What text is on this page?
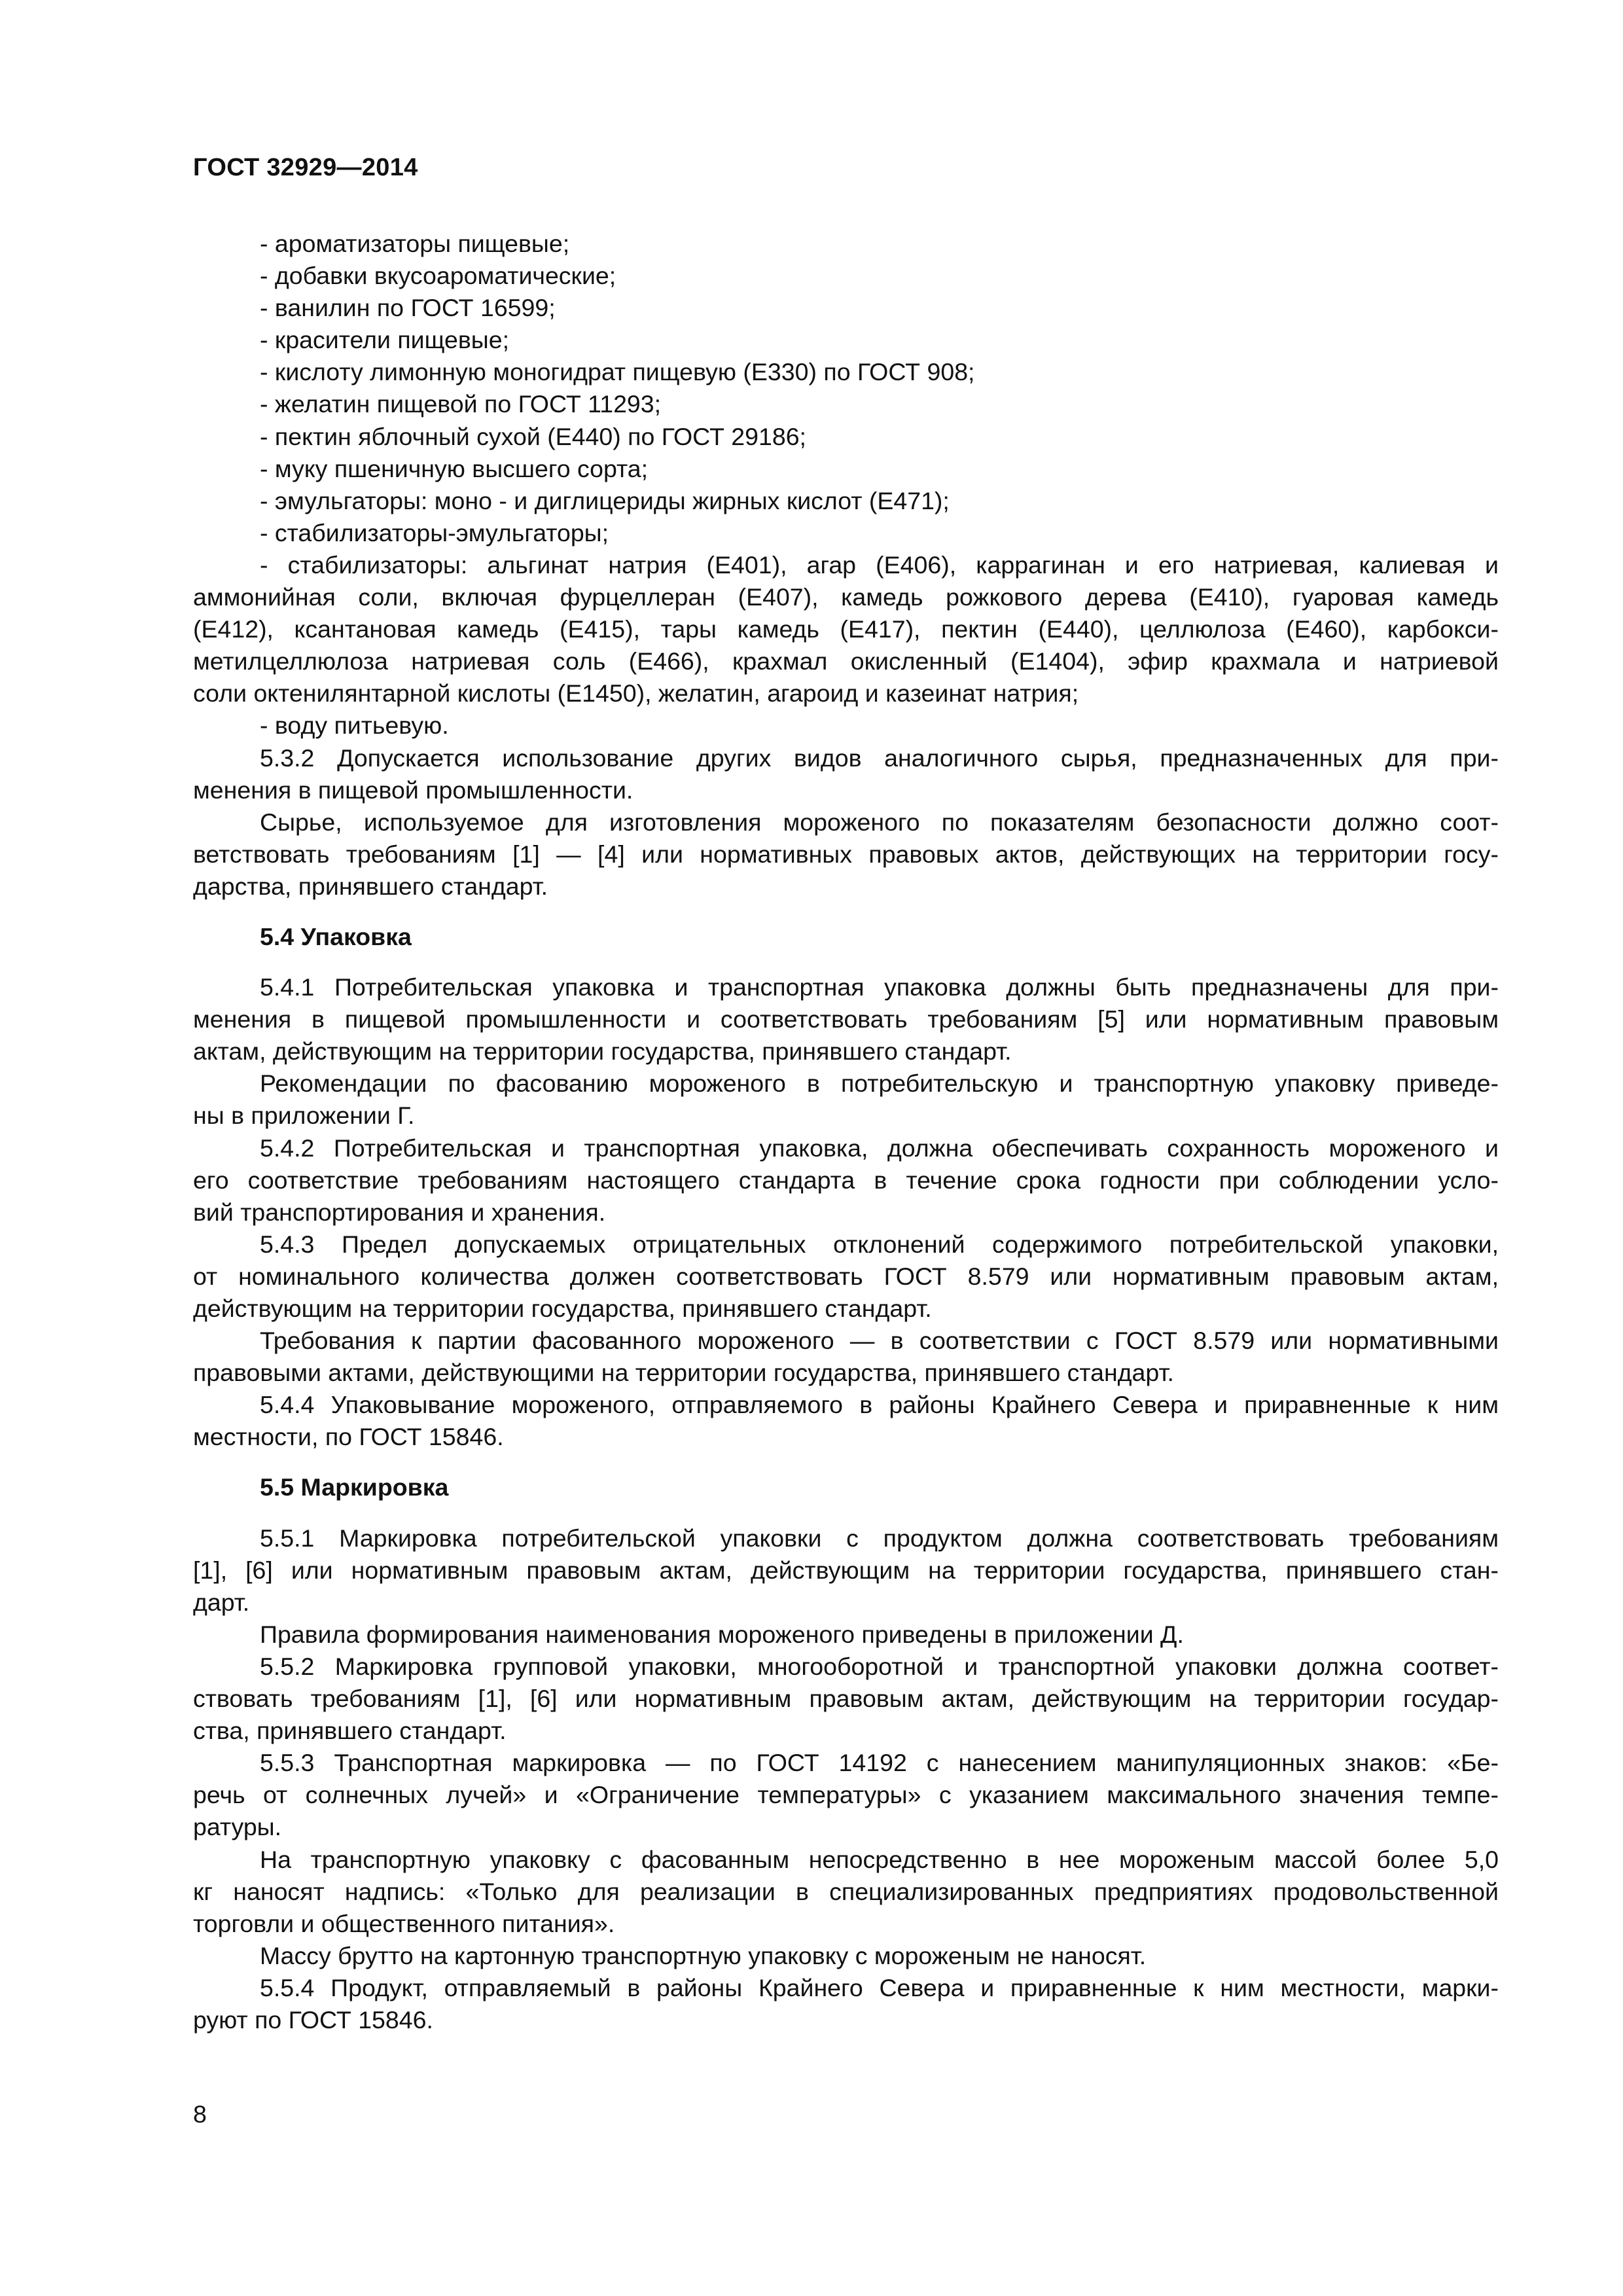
ГОСТ 32929—2014
- ароматизаторы пищевые;
- добавки вкусоароматические;
- ванилин по ГОСТ 16599;
- красители пищевые;
- кислоту лимонную моногидрат пищевую (Е330) по ГОСТ 908;
- желатин пищевой по ГОСТ 11293;
- пектин яблочный сухой (Е440) по ГОСТ 29186;
- муку пшеничную высшего сорта;
- эмульгаторы: моно - и диглицериды жирных кислот (Е471);
- стабилизаторы-эмульгаторы;
- стабилизаторы: альгинат натрия (Е401), агар (Е406), каррагинан и его натриевая, калиевая и
аммонийная соли, включая фурцеллеран (Е407), камедь рожкового дерева (Е410), гуаровая камедь
(Е412), ксантановая камедь (Е415), тары камедь (Е417), пектин (Е440), целлюлоза (Е460), карбокси-
метилцеллюлоза натриевая соль (Е466), крахмал окисленный (Е1404), эфир крахмала и натриевой
соли октенилянтарной кислоты (Е1450), желатин, агароид и казеинат натрия;
- воду питьевую.
5.3.2 Допускается использование других видов аналогичного сырья, предназначенных для при-
менения в пищевой промышленности.
Сырье, используемое для изготовления мороженого по показателям безопасности должно соот-
ветствовать требованиям [1] — [4] или нормативных правовых актов, действующих на территории госу-
дарства, принявшего стандарт.
5.4 Упаковка
5.4.1 Потребительская упаковка и транспортная упаковка должны быть предназначены для при-
менения в пищевой промышленности и соответствовать требованиям [5] или нормативным правовым
актам, действующим на территории государства, принявшего стандарт.
Рекомендации по фасованию мороженого в потребительскую и транспортную упаковку приведе-
ны в приложении Г.
5.4.2 Потребительская и транспортная упаковка, должна обеспечивать сохранность мороженого и
его соответствие требованиям настоящего стандарта в течение срока годности при соблюдении усло-
вий транспортирования и хранения.
5.4.3 Предел допускаемых отрицательных отклонений содержимого потребительской упаковки,
от номинального количества должен соответствовать ГОСТ 8.579 или нормативным правовым актам,
действующим на территории государства, принявшего стандарт.
Требования к партии фасованного мороженого — в соответствии с ГОСТ 8.579 или нормативными
правовыми актами, действующими на территории государства, принявшего стандарт.
5.4.4 Упаковывание мороженого, отправляемого в районы Крайнего Севера и приравненные к ним
местности, по ГОСТ 15846.
5.5 Маркировка
5.5.1 Маркировка потребительской упаковки с продуктом должна соответствовать требованиям
[1], [6] или нормативным правовым актам, действующим на территории государства, принявшего стан-
дарт.
Правила формирования наименования мороженого приведены в приложении Д.
5.5.2 Маркировка групповой упаковки, многооборотной и транспортной упаковки должна соответ-
ствовать требованиям [1], [6] или нормативным правовым актам, действующим на территории государ-
ства, принявшего стандарт.
5.5.3 Транспортная маркировка — по ГОСТ 14192 с нанесением манипуляционных знаков: «Бе-
речь от солнечных лучей» и «Ограничение температуры» с указанием максимального значения темпе-
ратуры.
На транспортную упаковку с фасованным непосредственно в нее мороженым массой более 5,0
кг наносят надпись: «Только для реализации в специализированных предприятиях продовольственной
торговли и общественного питания».
Массу брутто на картонную транспортную упаковку с мороженым не наносят.
5.5.4 Продукт, отправляемый в районы Крайнего Севера и приравненные к ним местности, марки-
руют по ГОСТ 15846.
8
